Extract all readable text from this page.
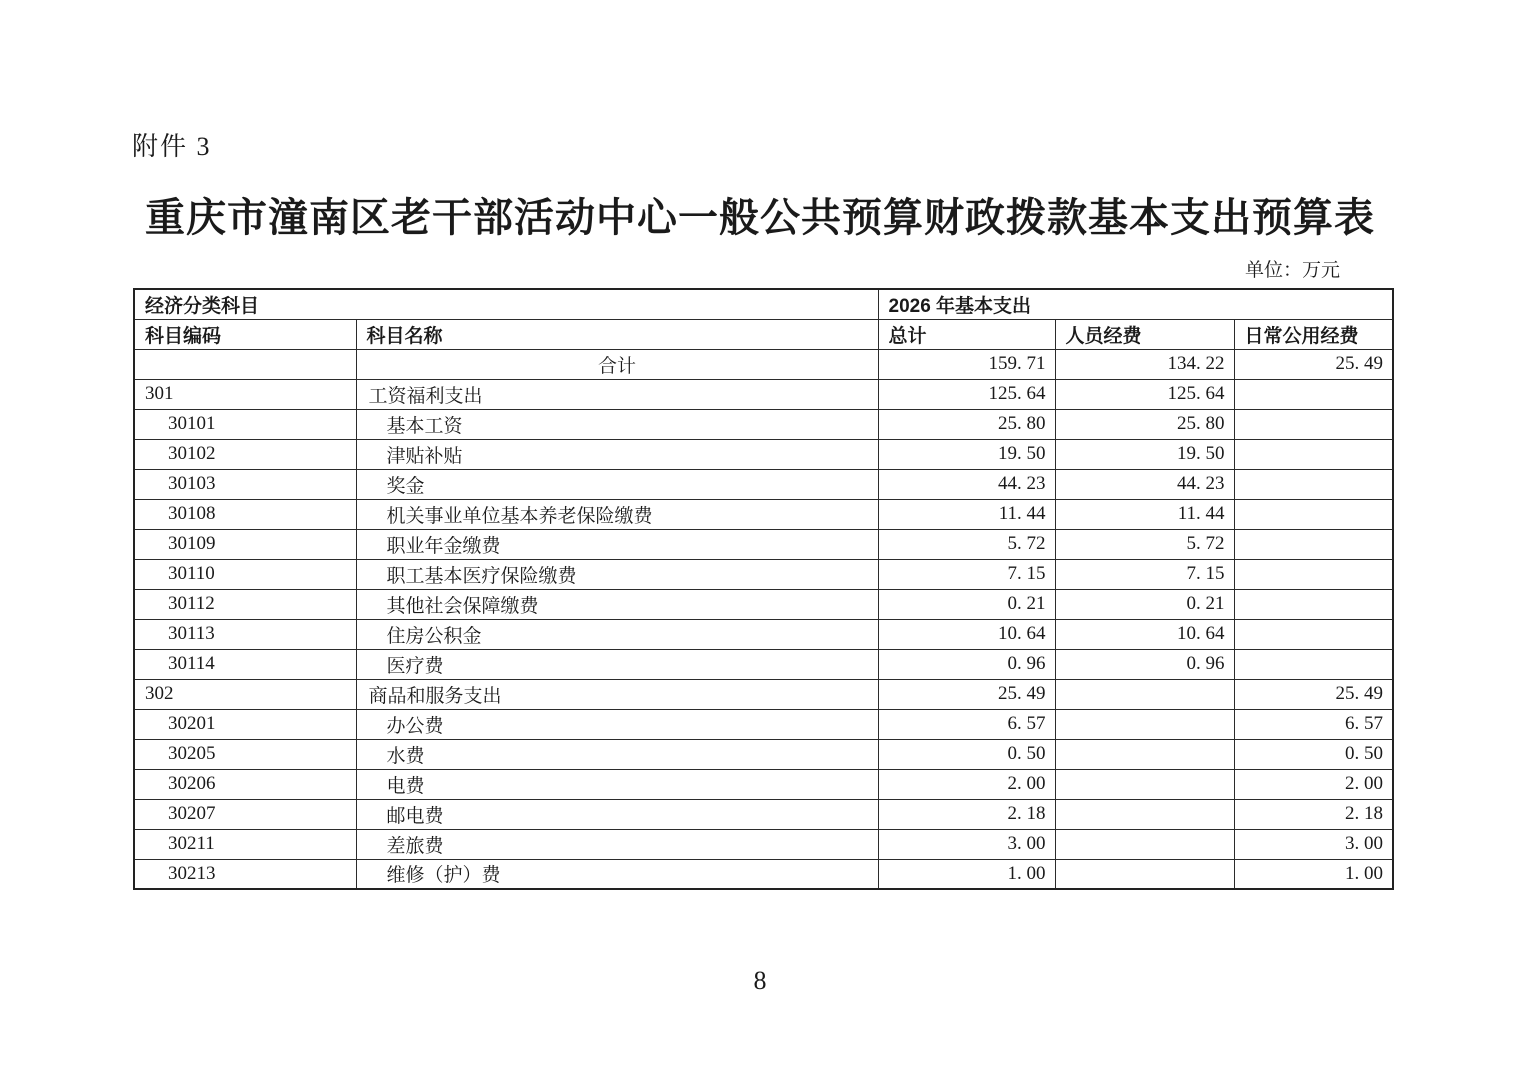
附件 3
重庆市潼南区老干部活动中心一般公共预算财政拨款基本支出预算表
单位：万元
经济分类科目		2026 年基本支出		
科目编码	科目名称	总计	人员经费	日常公用经费
	合计	159. 71	134. 22	25. 49
301	工资福利支出	125. 64	125. 64	
30101	基本工资	25. 80	25. 80	
30102	津贴补贴	19. 50	19. 50	
30103	奖金	44. 23	44. 23	
30108	机关事业单位基本养老保险缴费	11. 44	11. 44	
30109	职业年金缴费	5. 72	5. 72	
30110	职工基本医疗保险缴费	7. 15	7. 15	
30112	其他社会保障缴费	0. 21	0. 21	
30113	住房公积金	10. 64	10. 64	
30114	医疗费	0. 96	0. 96	
302	商品和服务支出	25. 49		25. 49
30201	办公费	6. 57		6. 57
30205	水费	0. 50		0. 50
30206	电费	2. 00		2. 00
30207	邮电费	2. 18		2. 18
30211	差旅费	3. 00		3. 00
30213	维修（护）费	1. 00		1. 00
8
